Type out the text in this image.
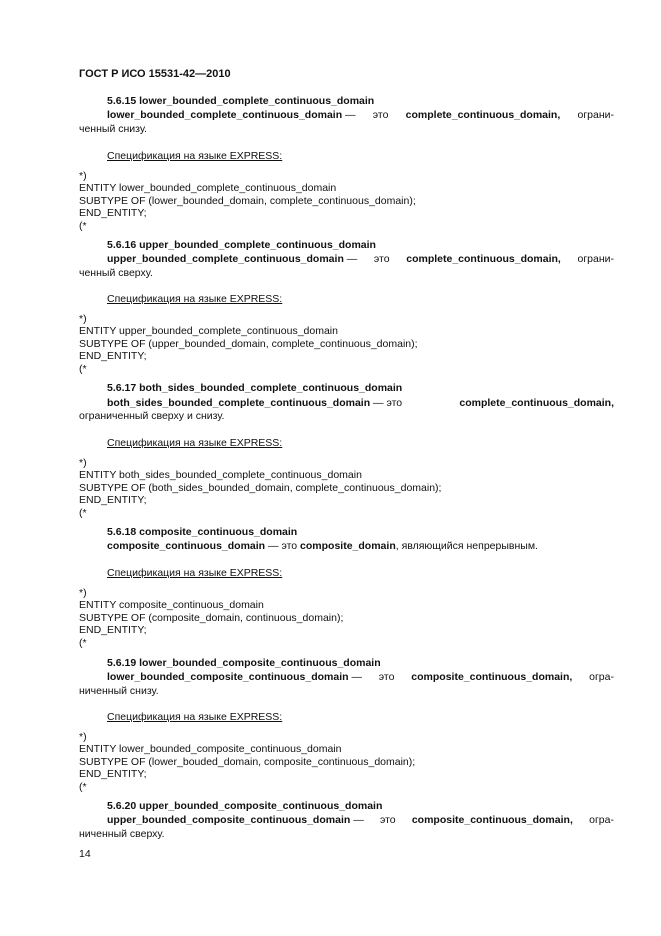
ГОСТ Р ИСО 15531-42—2010
5.6.15 lower_bounded_complete_continuous_domain
lower_bounded_complete_continuous_domain — это complete_continuous_domain, ограни-
ченный снизу.
Спецификация на языке EXPRESS:
*)
ENTITY lower_bounded_complete_continuous_domain
SUBTYPE OF (lower_bounded_domain, complete_continuous_domain);
END_ENTITY;
(*
5.6.16 upper_bounded_complete_continuous_domain
upper_bounded_complete_continuous_domain — это complete_continuous_domain, ограни-
ченный сверху.
Спецификация на языке EXPRESS:
*)
ENTITY upper_bounded_complete_continuous_domain
SUBTYPE OF (upper_bounded_domain, complete_continuous_domain);
END_ENTITY;
(*
5.6.17 both_sides_bounded_complete_continuous_domain
both_sides_bounded_complete_continuous_domain — это	complete_continuous_domain,
ограниченный сверху и снизу.
Спецификация на языке EXPRESS:
*)
ENTITY both_sides_bounded_complete_continuous_domain
SUBTYPE OF (both_sides_bounded_domain, complete_continuous_domain);
END_ENTITY;
(*
5.6.18 composite_continuous_domain
composite_continuous_domain — это composite_domain, являющийся непрерывным.
Спецификация на языке EXPRESS:
*)
ENTITY composite_continuous_domain
SUBTYPE OF (composite_domain, continuous_domain);
END_ENTITY;
(*
5.6.19 lower_bounded_composite_continuous_domain
lower_bounded_composite_continuous_domain — это composite_continuous_domain, огра-
ниченный снизу.
Спецификация на языке EXPRESS:
*)
ENTITY lower_bounded_composite_continuous_domain
SUBTYPE OF (lower_bouded_domain, composite_continuous_domain);
END_ENTITY;
(*
5.6.20 upper_bounded_composite_continuous_domain
upper_bounded_composite_continuous_domain — это composite_continuous_domain, огра-
ниченный сверху.
14
